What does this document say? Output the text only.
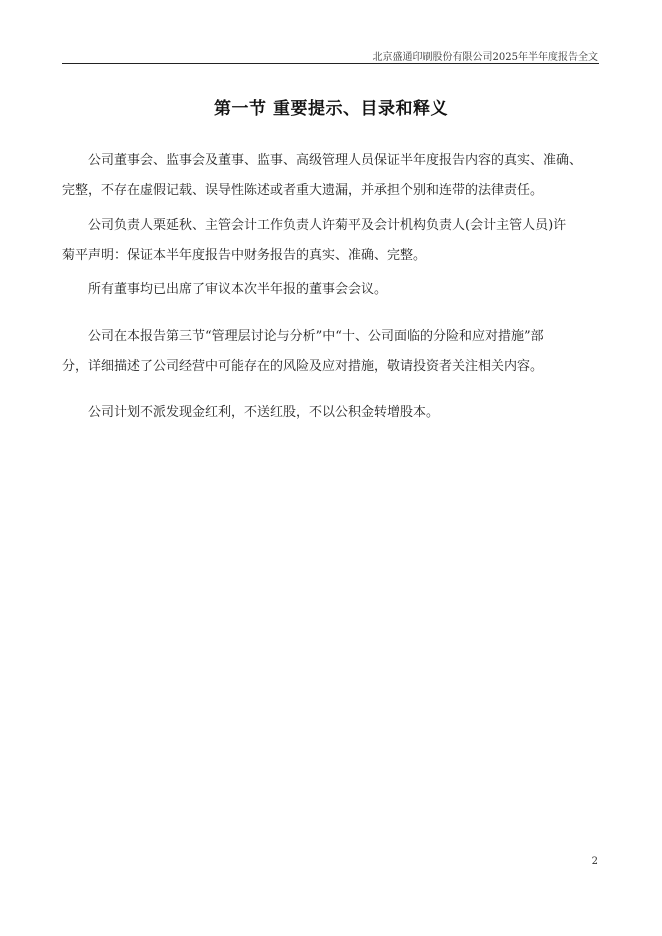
北京盛通印刷股份有限公司2025年半年度报告全文
第一节 重要提示、目录和释义
公司董事会、监事会及董事、监事、高级管理人员保证半年度报告内容的真实、准确、
完整，不存在虚假记载、误导性陈述或者重大遗漏，并承担个别和连带的法律责任。
公司负责人栗延秋、主管会计工作负责人许菊平及会计机构负责人(会计主管人员)许
菊平声明：保证本半年度报告中财务报告的真实、准确、完整。
所有董事均已出席了审议本次半年报的董事会会议。
公司在本报告第三节“管理层讨论与分析”中“十、公司面临的分险和应对措施”部
分，详细描述了公司经营中可能存在的风险及应对措施，敬请投资者关注相关内容。
公司计划不派发现金红利，不送红股，不以公积金转增股本。
2
